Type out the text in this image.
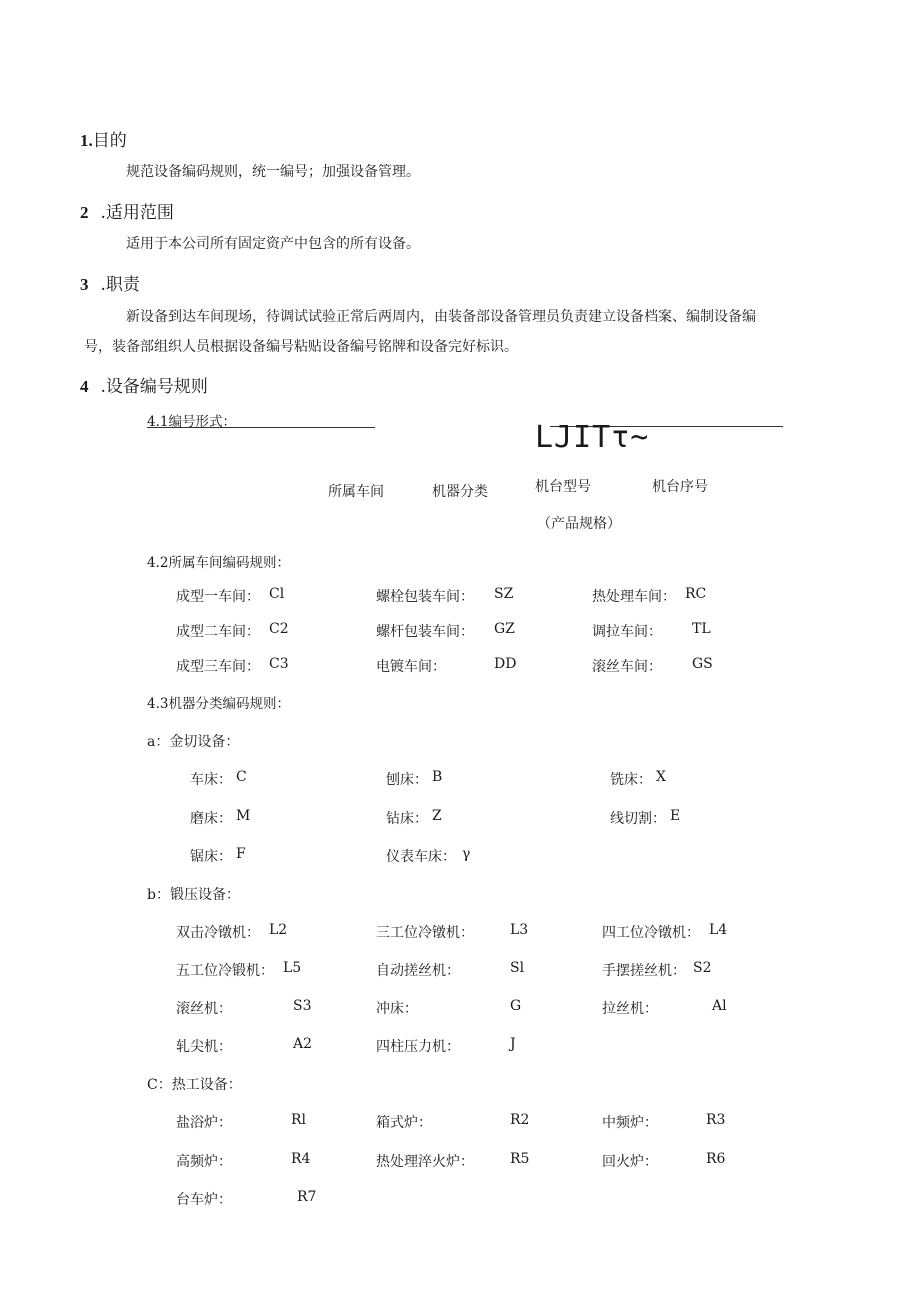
1.目的
规范设备编码规则，统一编号；加强设备管理。
2 .适用范围
适用于本公司所有固定资产中包含的所有设备。
3 .职责
新设备到达车间现场，待调试试验正常后两周内，由装备部设备管理员负责建立设备档案、编制设备编
号，装备部组织人员根据设备编号粘贴设备编号铭牌和设备完好标识。
4 .设备编号规则
4.1编号形式：	LJITτ~
所属车间	机器分类	机台型号	机台序号
（产品规格）
4.2所属车间编码规则：
成型一车间： Cl	螺栓包装车间： SZ	热处理车间： RC
成型二车间： C2	螺杆包装车间： GZ	调拉车间： TL
成型三车间： C3	电镀车间：	DD	滚丝车间： GS
4.3机器分类编码规则：
a：金切设备：
车床： C	刨床： B	铣床： X
磨床： M	钻床： Z	线切割： E
锯床： F	仪表车床： γ
b：锻压设备：
双击冷镦机： L2	三工位冷镦机：	L3	四工位冷镦机： L4
五工位冷锻机： L5	自动搓丝机：	Sl	手摆搓丝机： S2
滚丝机：	S3	冲床：	G	拉丝机：	Al
轧尖机：	A2	四柱压力机：	J
C：热工设备：
盐浴炉：	Rl	箱式炉：	R2	中频炉：	R3
高频炉：	R4	热处理淬火炉：	R5	回火炉：	R6
台车炉：	R7
